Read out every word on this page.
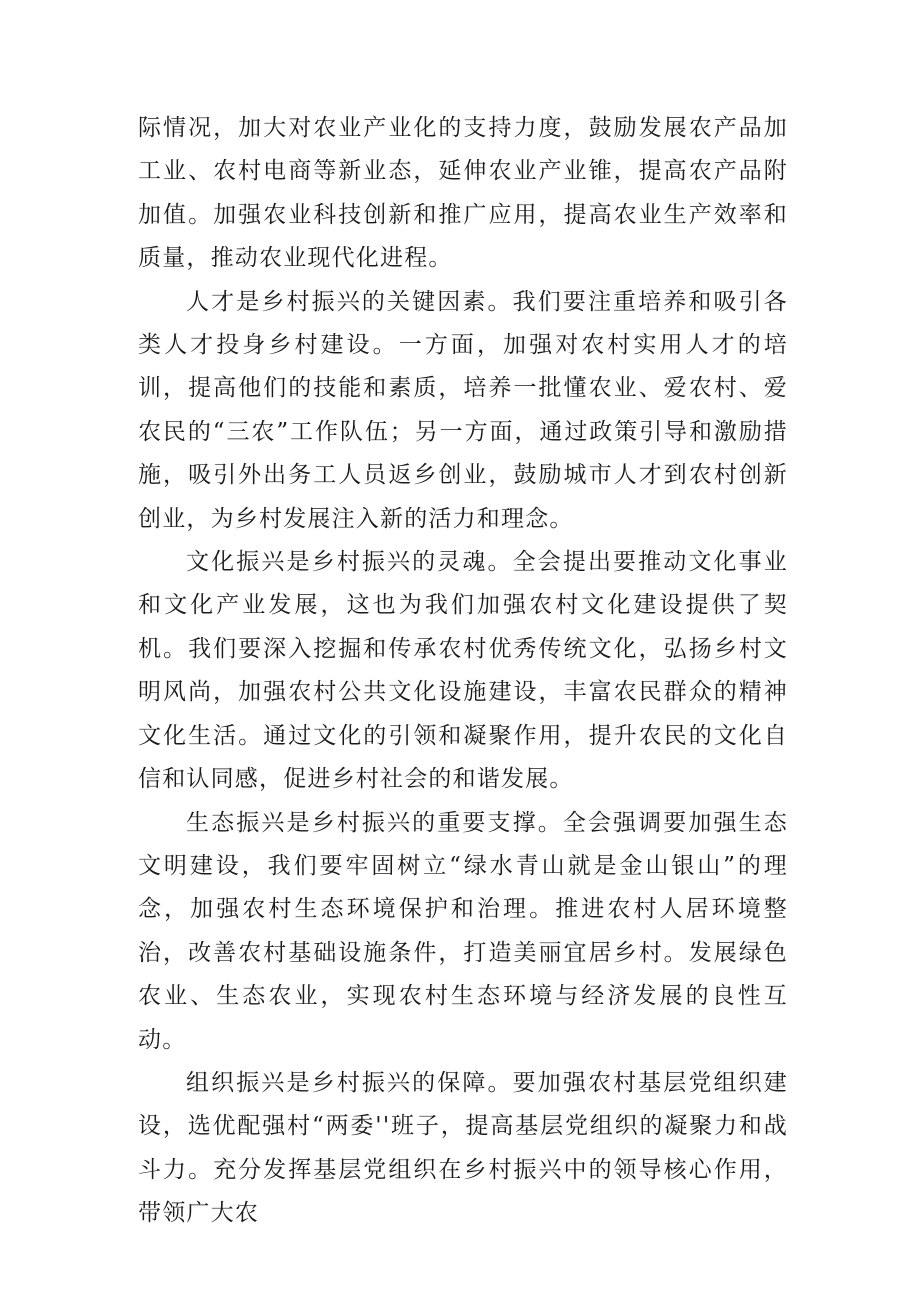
际情况，加大对农业产业化的支持力度，鼓励发展农产品加工业、农村电商等新业态，延伸农业产业锥，提高农产品附加值。加强农业科技创新和推广应用，提高农业生产效率和质量，推动农业现代化进程。

人才是乡村振兴的关键因素。我们要注重培养和吸引各类人才投身乡村建设。一方面，加强对农村实用人才的培训，提高他们的技能和素质，培养一批懂农业、爱农村、爱农民的“三农”工作队伍；另一方面，通过政策引导和激励措施，吸引外出务工人员返乡创业，鼓励城市人才到农村创新创业，为乡村发展注入新的活力和理念。

文化振兴是乡村振兴的灵魂。全会提出要推动文化事业和文化产业发展，这也为我们加强农村文化建设提供了契机。我们要深入挖掘和传承农村优秀传统文化，弘扬乡村文明风尚，加强农村公共文化设施建设，丰富农民群众的精神文化生活。通过文化的引领和凝聚作用，提升农民的文化自信和认同感，促进乡村社会的和谐发展。

生态振兴是乡村振兴的重要支撑。全会强调要加强生态文明建设，我们要牢固树立“绿水青山就是金山银山”的理念，加强农村生态环境保护和治理。推进农村人居环境整治，改善农村基础设施条件，打造美丽宜居乡村。发展绿色农业、生态农业，实现农村生态环境与经济发展的良性互动。

组织振兴是乡村振兴的保障。要加强农村基层党组织建设，选优配强村“两委''班子，提高基层党组织的凝聚力和战斗力。充分发挥基层党组织在乡村振兴中的领导核心作用，带领广大农
